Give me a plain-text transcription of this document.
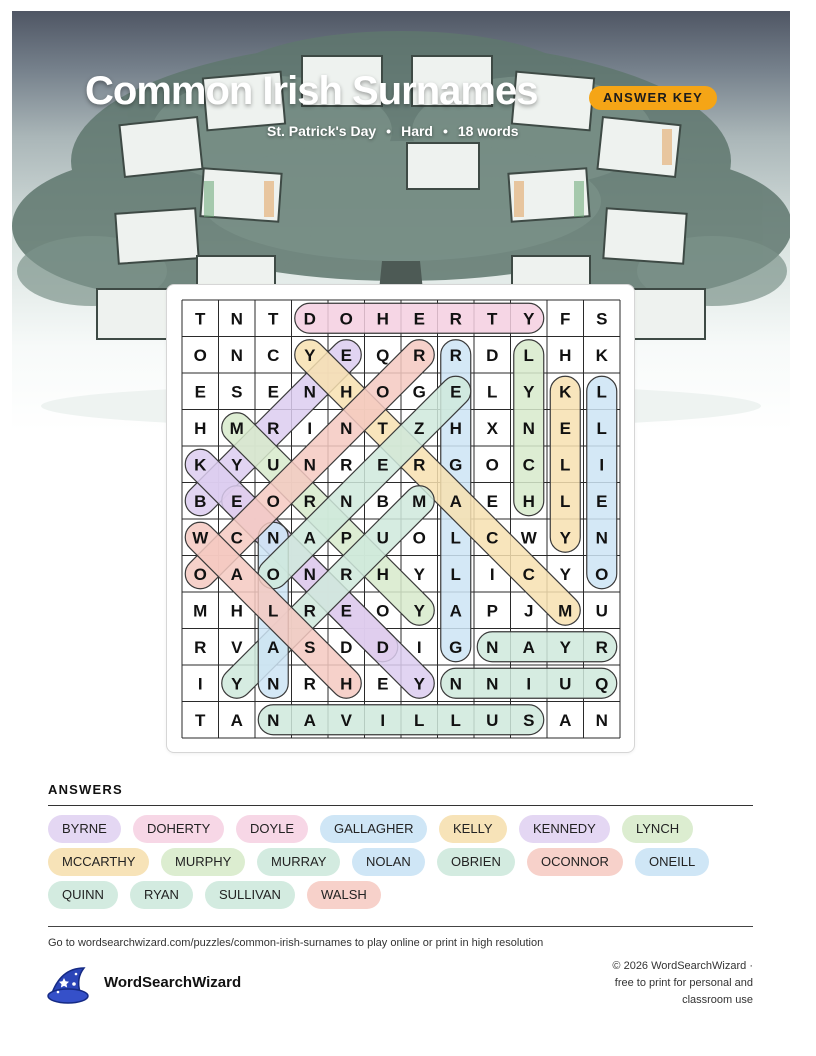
Common Irish Surnames	ANSWER KEY
St. Patrick's Day • Hard • 18 words
T N T D O H E R T Y F S
O N C Y E Q R R D L H K
E S E N H O G E L Y K L
H M R I N T Z H X N E L
K Y U N R E R G O C L I
B E O R N B M A E H L E
W C N A P U O L C W Y N
O A O N R H Y L I C Y O
M H L R E O Y A P J M U
R V A S D D I G N A Y R
I Y N R H E Y N N I U Q
T A N A V I L L U S A N
ANSWERS
BYRNE	DOHERTY	DOYLE	GALLAGHER	KELLY	KENNEDY	LYNCH
MCCARTHY	MURPHY	MURRAY	NOLAN	OBRIEN	OCONNOR	ONEILL
QUINN	RYAN	SULLIVAN	WALSH
Go to wordsearchwizard.com/puzzles/common-irish-surnames to play online or print in high resolution
WordSearchWizard
© 2026 WordSearchWizard ·
free to print for personal and
classroom use
